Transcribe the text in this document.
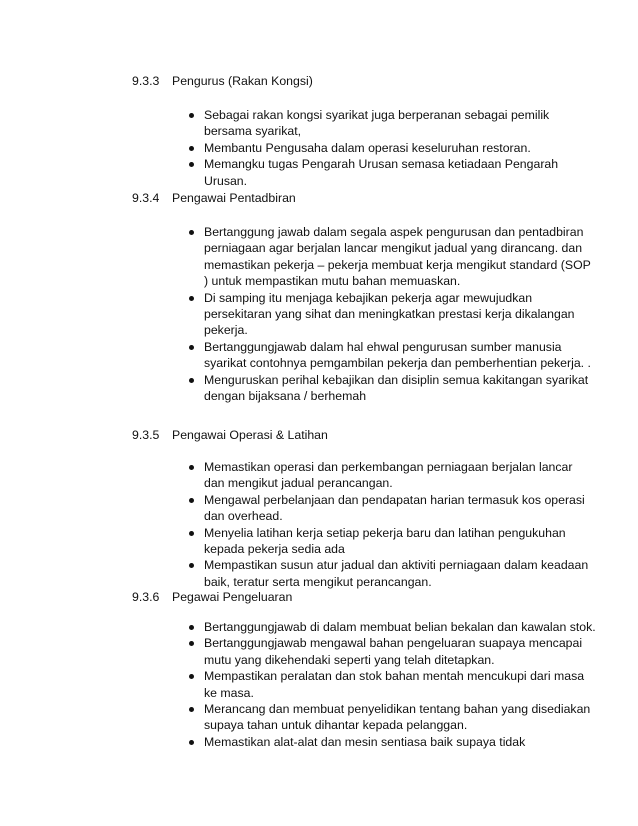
9.3.3	Pengurus (Rakan Kongsi)
Sebagai rakan kongsi syarikat juga berperanan sebagai pemilik bersama syarikat,
Membantu Pengusaha dalam operasi keseluruhan restoran.
Memangku tugas Pengarah Urusan semasa ketiadaan Pengarah Urusan.
9.3.4	Pengawai Pentadbiran
Bertanggung jawab dalam segala aspek pengurusan dan pentadbiran perniagaan agar berjalan lancar mengikut jadual yang dirancang. dan memastikan pekerja – pekerja membuat kerja mengikut standard (SOP ) untuk mempastikan mutu bahan memuaskan.
Di samping itu menjaga kebajikan pekerja agar mewujudkan persekitaran yang sihat dan meningkatkan prestasi kerja dikalangan pekerja.
Bertanggungjawab dalam hal ehwal pengurusan sumber manusia syarikat contohnya pemgambilan pekerja dan pemberhentian pekerja. .
Menguruskan perihal kebajikan dan disiplin semua kakitangan syarikat dengan bijaksana / berhemah
9.3.5	Pengawai Operasi & Latihan
Memastikan operasi dan perkembangan perniagaan berjalan lancar dan mengikut jadual perancangan.
Mengawal perbelanjaan dan pendapatan harian termasuk kos operasi dan overhead.
Menyelia latihan kerja setiap pekerja baru dan latihan pengukuhan kepada pekerja sedia ada
Mempastikan susun atur jadual dan aktiviti perniagaan dalam keadaan baik, teratur serta mengikut perancangan.
9.3.6	Pegawai Pengeluaran
Bertanggungjawab di dalam membuat belian bekalan dan kawalan stok.
Bertanggungjawab mengawal bahan pengeluaran suapaya mencapai mutu yang dikehendaki seperti yang telah ditetapkan.
Mempastikan peralatan dan stok bahan mentah mencukupi dari masa ke masa.
Merancang dan membuat penyelidikan tentang bahan yang disediakan supaya tahan untuk dihantar kepada pelanggan.
Memastikan alat-alat dan mesin sentiasa baik supaya tidak
